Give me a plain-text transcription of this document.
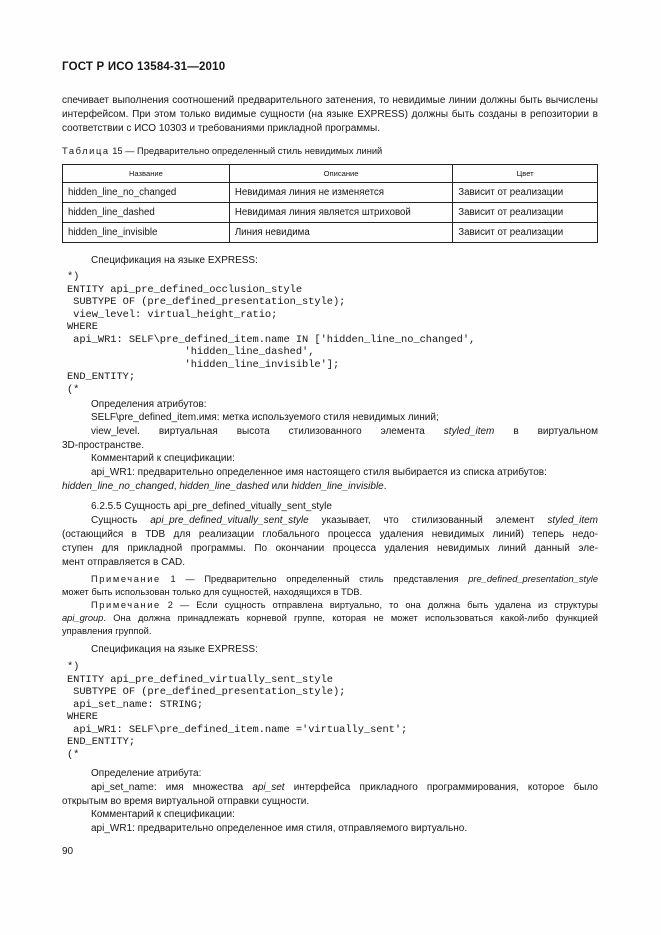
ГОСТ Р ИСО 13584-31—2010
спечивает выполнения соотношений предварительного затенения, то невидимые линии должны быть вычислены
интерфейсом. При этом только видимые сущности (на языке EXPRESS) должны быть созданы в репозитории в
соответствии с ИСО 10303 и требованиями прикладной программы.
Таблица 15 — Предварительно определенный стиль невидимых линий
Название	Описание	Цвет
hidden_line_no_changed	Невидимая линия не изменяется	Зависит от реализации
hidden_line_dashed	Невидимая линия является штриховой	Зависит от реализации
hidden_line_invisible	Линия невидима	Зависит от реализации
Спецификация на языке EXPRESS:
*)
ENTITY api_pre_defined_occlusion_style
SUBTYPE OF (pre_defined_presentation_style);
view_level: virtual_height_ratio;
WHERE
api_WR1: SELF\pre_defined_item.name IN ['hidden_line_no_changed',
'hidden_line_dashed',
'hidden_line_invisible'];
END_ENTITY;
(*
Определения атрибутов:
SELF\pre_defined_item.имя: метка используемого стиля невидимых линий;
view_level. виртуальная высота стилизованного элемента styled_item в виртуальном
3D-пространстве.
Комментарий к спецификации:
api_WR1: предварительно определенное имя настоящего стиля выбирается из списка атрибутов:
hidden_line_no_changed, hidden_line_dashed или hidden_line_invisible.
6.2.5.5 Сущность api_pre_defined_vitually_sent_style
Сущность api_pre_defined_vitually_sent_style указывает, что стилизованный элемент styled_item
(остающийся в TDB для реализации глобального процесса удаления невидимых линий) теперь недо-
ступен для прикладной программы. По окончании процесса удаления невидимых линий данный эле-
мент отправляется в CAD.
Примечание 1 — Предварительно определенный стиль представления pre_defined_presentation_style
может быть использован только для сущностей, находящихся в TDB.
Примечание 2 — Если сущность отправлена виртуально, то она должна быть удалена из структуры
api_group. Она должна принадлежать корневой группе, которая не может использоваться какой-либо функцией
управления группой.
Спецификация на языке EXPRESS:
*)
ENTITY api_pre_defined_virtually_sent_style
SUBTYPE OF (pre_defined_presentation_style);
api_set_name: STRING;
WHERE
api_WR1: SELF\pre_defined_item.name ='virtually_sent';
END_ENTITY;
(*
Определение атрибута:
api_set_name: имя множества api_set интерфейса прикладного программирования, которое было
открытым во время виртуальной отправки сущности.
Комментарий к спецификации:
api_WR1: предварительно определенное имя стиля, отправляемого виртуально.
90
